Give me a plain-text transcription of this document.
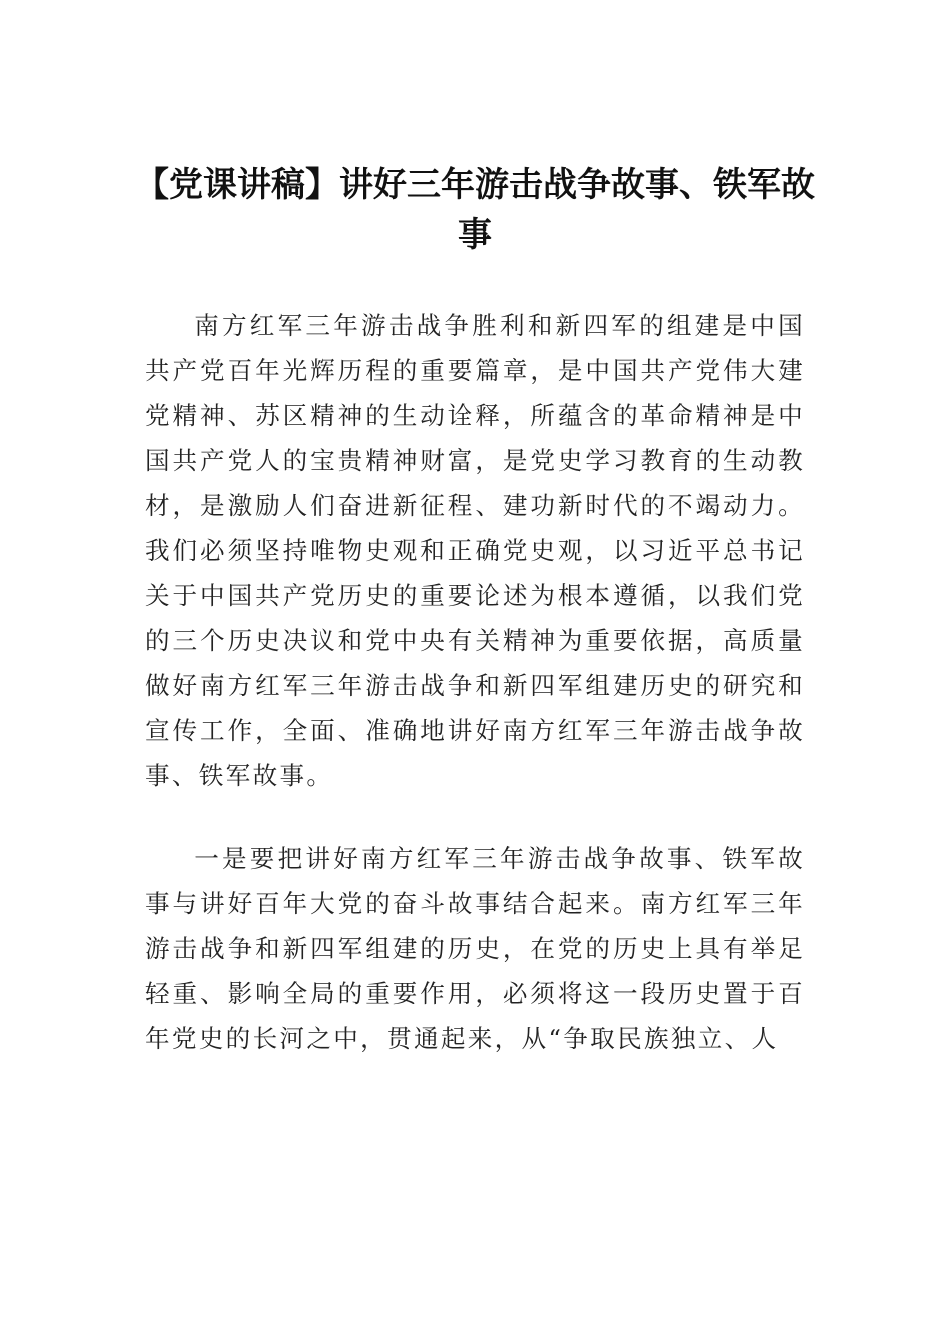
【党课讲稿】讲好三年游击战争故事、铁军故事

南方红军三年游击战争胜利和新四军的组建是中国共产党百年光辉历程的重要篇章，是中国共产党伟大建党精神、苏区精神的生动诠释，所蕴含的革命精神是中国共产党人的宝贵精神财富，是党史学习教育的生动教材，是激励人们奋进新征程、建功新时代的不竭动力。我们必须坚持唯物史观和正确党史观，以习近平总书记关于中国共产党历史的重要论述为根本遵循，以我们党的三个历史决议和党中央有关精神为重要依据，高质量做好南方红军三年游击战争和新四军组建历史的研究和宣传工作，全面、准确地讲好南方红军三年游击战争故事、铁军故事。

一是要把讲好南方红军三年游击战争故事、铁军故事与讲好百年大党的奋斗故事结合起来。南方红军三年游击战争和新四军组建的历史，在党的历史上具有举足轻重、影响全局的重要作用，必须将这一段历史置于百年党史的长河之中，贯通起来，从“争取民族独立、人
